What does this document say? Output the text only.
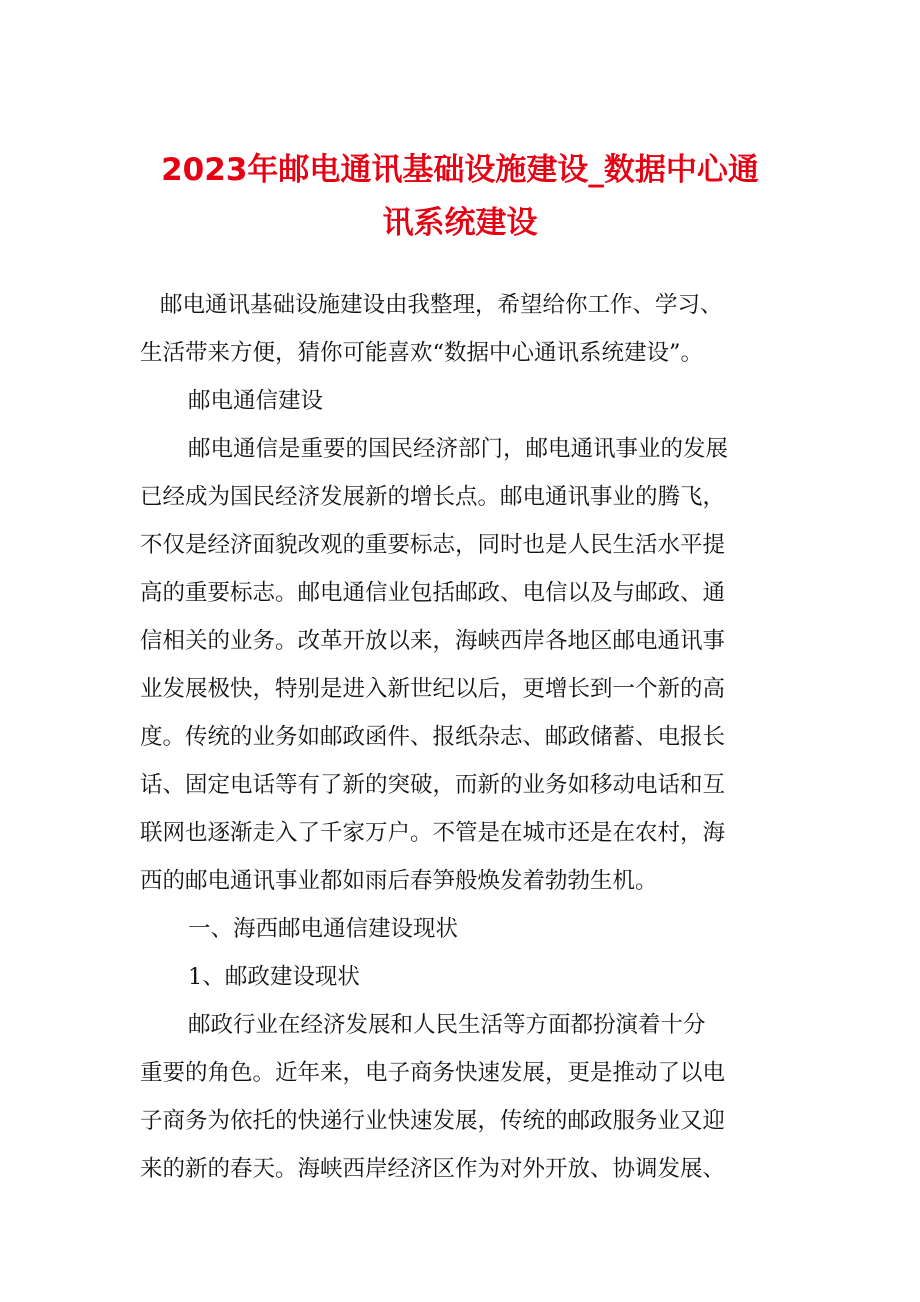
2023年邮电通讯基础设施建设_数据中心通
讯系统建设
邮电通讯基础设施建设由我整理，希望给你工作、学习、
生活带来方便，猜你可能喜欢“数据中心通讯系统建设”。
邮电通信建设
邮电通信是重要的国民经济部门，邮电通讯事业的发展
已经成为国民经济发展新的增长点。邮电通讯事业的腾飞，
不仅是经济面貌改观的重要标志，同时也是人民生活水平提
高的重要标志。邮电通信业包括邮政、电信以及与邮政、通
信相关的业务。改革开放以来，海峡西岸各地区邮电通讯事
业发展极快，特别是进入新世纪以后，更增长到一个新的高
度。传统的业务如邮政函件、报纸杂志、邮政储蓄、电报长
话、固定电话等有了新的突破，而新的业务如移动电话和互
联网也逐渐走入了千家万户。不管是在城市还是在农村，海
西的邮电通讯事业都如雨后春笋般焕发着勃勃生机。
一、海西邮电通信建设现状
1、邮政建设现状
邮政行业在经济发展和人民生活等方面都扮演着十分
重要的角色。近年来，电子商务快速发展，更是推动了以电
子商务为依托的快递行业快速发展，传统的邮政服务业又迎
来的新的春天。海峡西岸经济区作为对外开放、协调发展、
